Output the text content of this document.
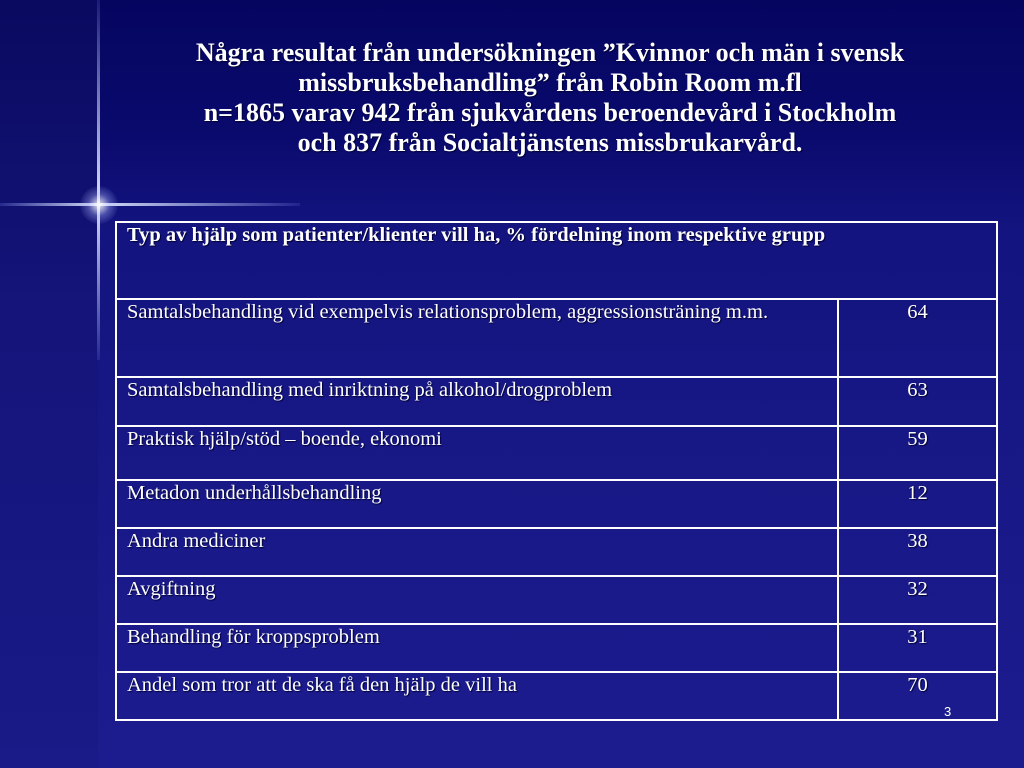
Några resultat från undersökningen ”Kvinnor och män i svensk
missbruksbehandling” från Robin Room m.fl
n=1865 varav 942 från sjukvårdens beroendevård i Stockholm
och 837 från Socialtjänstens missbrukarvård.
Typ av hjälp som patienter/klienter vill ha, % fördelning inom respektive grupp	
Samtalsbehandling vid exempelvis relationsproblem, aggressionsträning m.m.	64
Samtalsbehandling med inriktning på alkohol/drogproblem	63
Praktisk hjälp/stöd – boende, ekonomi	59
Metadon underhållsbehandling	12
Andra mediciner	38
Avgiftning	32
Behandling för kroppsproblem	31
Andel som tror att de ska få den hjälp de vill ha	70
3
